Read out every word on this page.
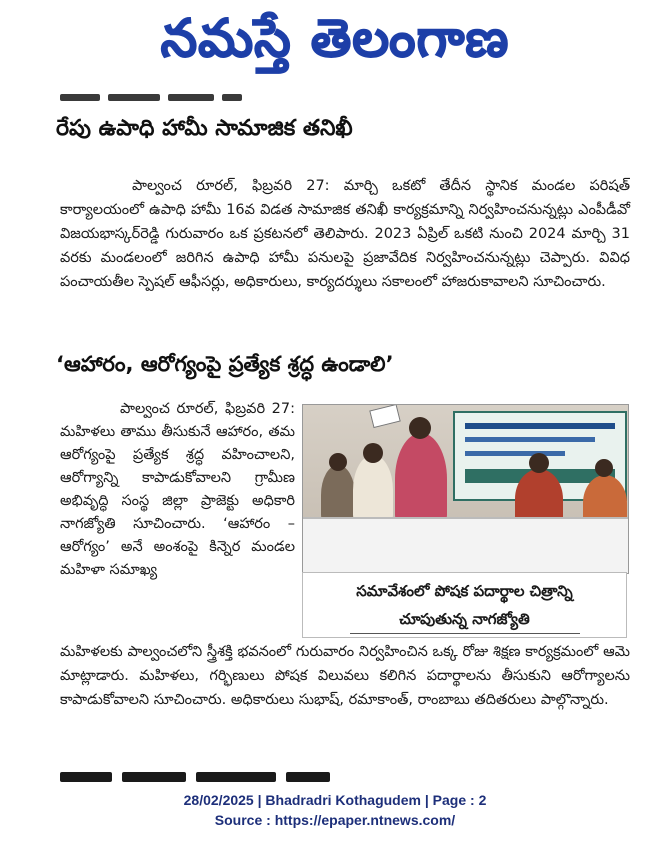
నమస్తే తెలంగాణ
రేపు ఉపాధి హామీ సామాజిక తనిఖీ
పాల్వంచ రూరల్, ఫిబ్రవరి 27: మార్చి ఒకటో తేదీన స్థానిక మండల పరిషత్ కార్యాలయంలో ఉపాధి హామీ 16వ విడత సామాజిక తనిఖీ కార్యక్రమాన్ని నిర్వహించనున్నట్లు ఎంపీడీవో విజయభాస్కర్‌రెడ్డి గురువారం ఒక ప్రకటనలో తెలిపారు. 2023 ఏప్రిల్ ఒకటి నుంచి 2024 మార్చి 31 వరకు మండలంలో జరిగిన ఉపాధి హామీ పనులపై ప్రజావేదిక నిర్వహించనున్నట్లు చెప్పారు. వివిధ పంచాయతీల స్పెషల్ ఆఫీసర్లు, అధికారులు, కార్యదర్శులు సకాలంలో హాజరుకావాలని సూచించారు.
‘ఆహారం, ఆరోగ్యంపై ప్రత్యేక శ్రద్ధ ఉండాలి’

పాల్వంచ రూరల్, ఫిబ్రవరి 27: మహిళలు తాము తీసుకునే ఆహారం, తమ ఆరోగ్యంపై ప్రత్యేక శ్రద్ధ వహించాలని, ఆరోగ్యాన్ని కాపాడుకోవాలని గ్రామీణ అభివృద్ధి సంస్థ జిల్లా ప్రాజెక్టు అధికారి నాగజ్యోతి సూచించారు. ‘ఆహారం – ఆరోగ్యం’ అనే అంశంపై కిన్నెర మండల మహిళా సమాఖ్య

సమావేశంలో పోషక పదార్థాల చిత్రాన్ని
చూపుతున్న నాగజ్యోతి
మహిళలకు పాల్వంచలోని స్త్రీశక్తి భవనంలో గురువారం నిర్వహించిన ఒక్క రోజు శిక్షణ కార్యక్రమంలో ఆమె మాట్లాడారు. మహిళలు, గర్భిణులు పోషక విలువలు కలిగిన పదార్థాలను తీసుకుని ఆరోగ్యాలను కాపాడుకోవాలని సూచించారు. అధికారులు సుభాష్, రమాకాంత్, రాంబాబు తదితరులు పాల్గొన్నారు.
28/02/2025 | Bhadradri Kothagudem | Page : 2
Source : https://epaper.ntnews.com/
